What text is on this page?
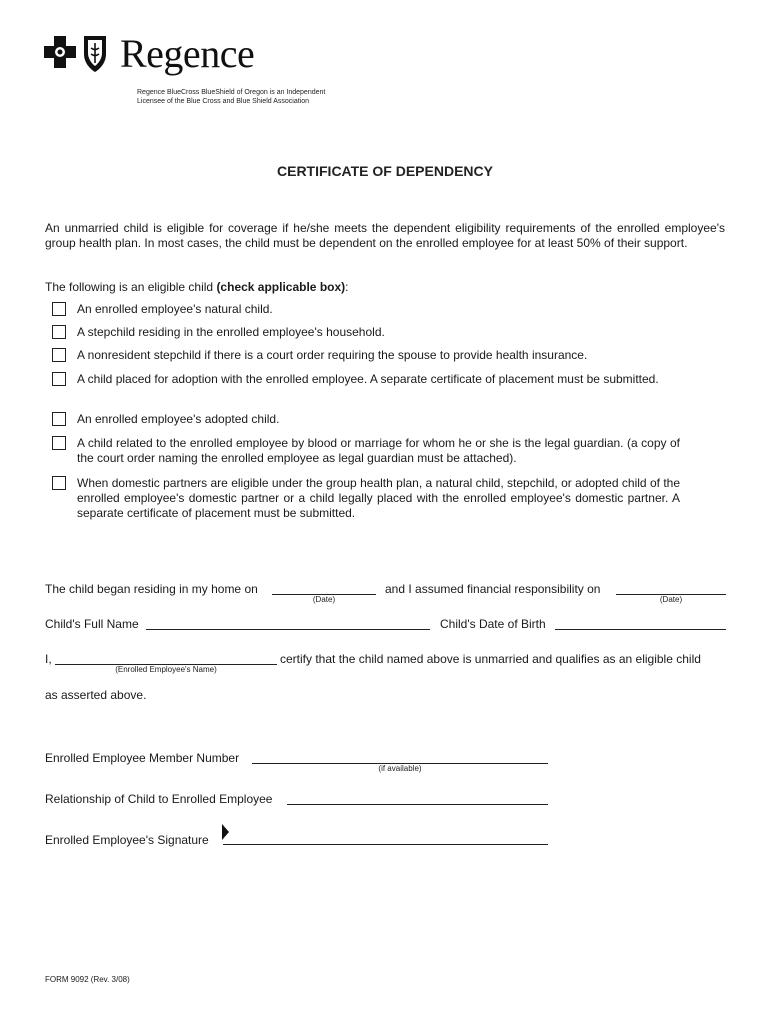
Regence
Regence BlueCross BlueShield of Oregon is an Independent
Licensee of the Blue Cross and Blue Shield Association
CERTIFICATE OF DEPENDENCY
An unmarried child is eligible for coverage if he/she meets the dependent eligibility requirements of the enrolled employee's group health plan. In most cases, the child must be dependent on the enrolled employee for at least 50% of their support.
The following is an eligible child (check applicable box):
An enrolled employee's natural child.
A stepchild residing in the enrolled employee's household.
A nonresident stepchild if there is a court order requiring the spouse to provide health insurance.
A child placed for adoption with the enrolled employee. A separate certificate of placement must be submitted.
An enrolled employee's adopted child.
A child related to the enrolled employee by blood or marriage for whom he or she is the legal guardian. (a copy of the court order naming the enrolled employee as legal guardian must be attached).
When domestic partners are eligible under the group health plan, a natural child, stepchild, or adopted child of the enrolled employee's domestic partner or a child legally placed with the enrolled employee's domestic partner. A separate certificate of placement must be submitted.
The child began residing in my home on
(Date)
and I assumed financial responsibility on
(Date)
Child's Full Name	Child's Date of Birth
I,
(Enrolled Employee's Name)
certify that the child named above is unmarried and qualifies as an eligible child
as asserted above.
Enrolled Employee Member Number
(if available)
Relationship of Child to Enrolled Employee
Enrolled Employee's Signature
FORM 9092 (Rev. 3/08)
